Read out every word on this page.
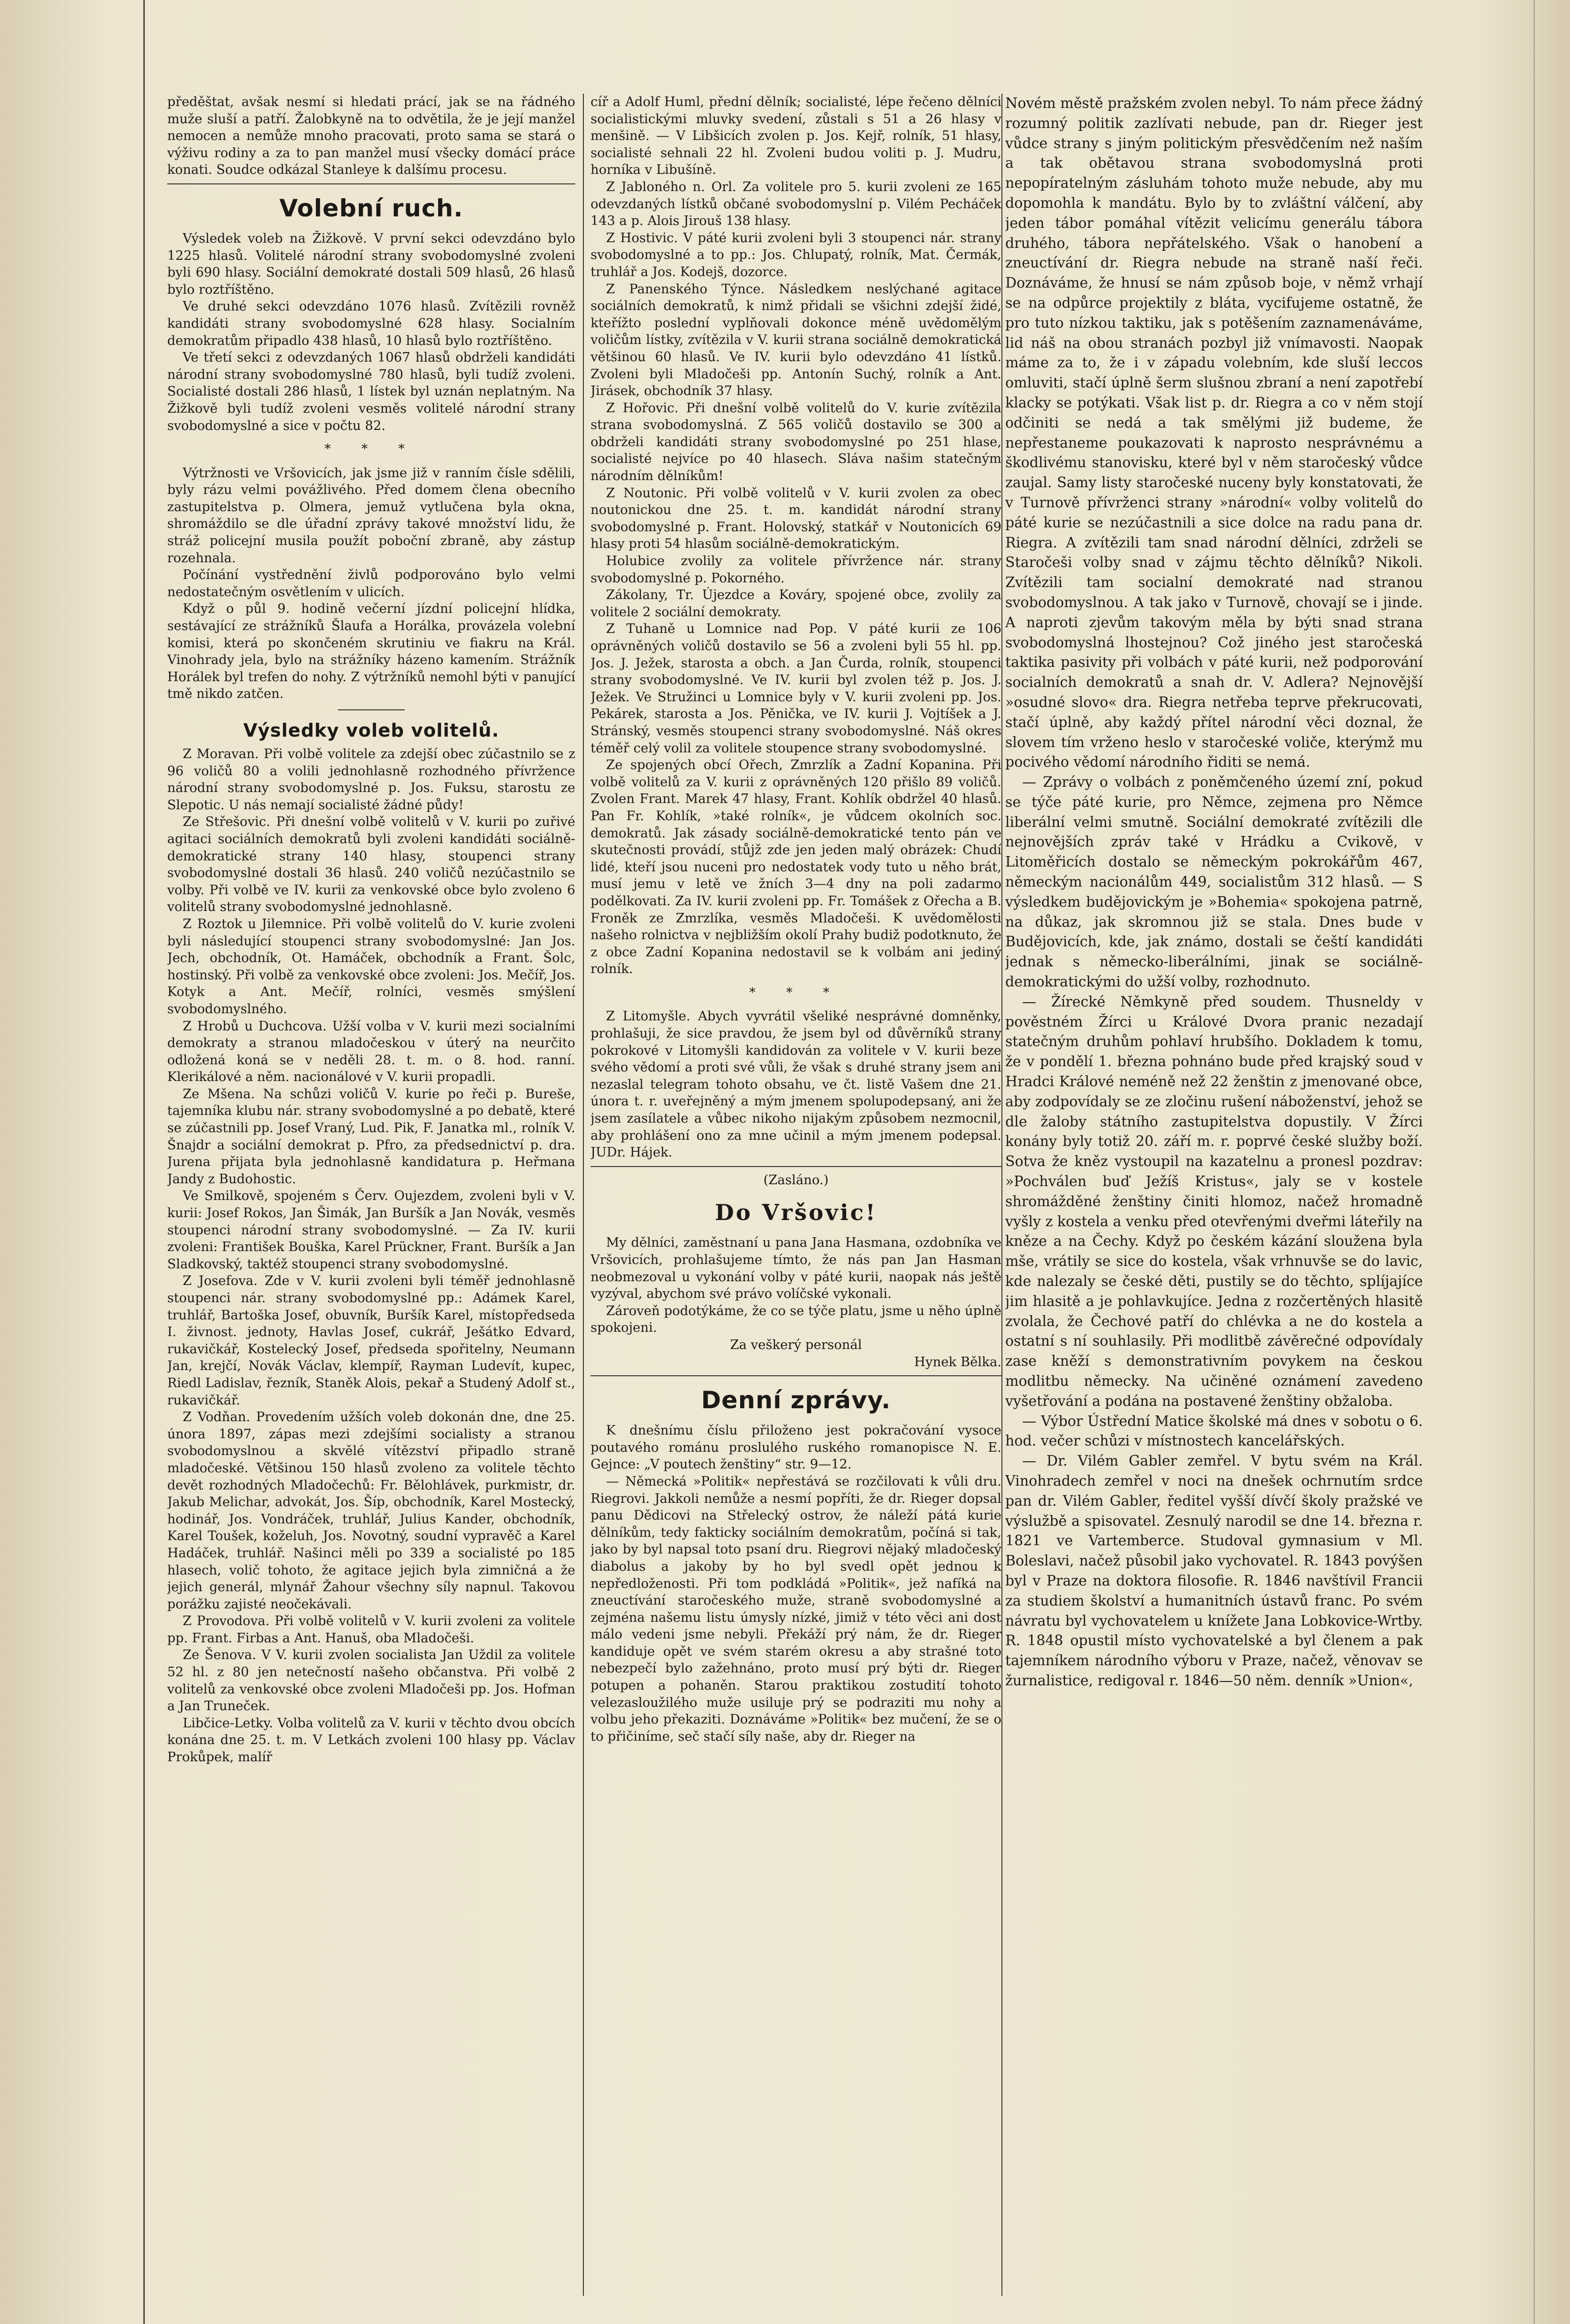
předěštat, avšak nesmí si hledati prácí, jak se na řádného muže sluší a patří. Žalobkyně na to odvětila, že je její manžel nemocen a nemůže mnoho pracovati, proto sama se stará o výživu rodiny a za to pan manžel musí všecky domácí práce konati. Soudce odkázal Stanleye k dalšímu procesu.

Volební ruch.

Výsledek voleb na Žižkově. V první sekci odevzdáno bylo 1225 hlasů. Volitelé národní strany svobodomyslné zvoleni byli 690 hlasy. Sociální demokraté dostali 509 hlasů, 26 hlasů bylo roztříštěno.

Ve druhé sekci odevzdáno 1076 hlasů. Zvítězili rovněž kandidáti strany svobodomyslné 628 hlasy. Socialním demokratům připadlo 438 hlasů, 10 hlasů bylo roztříštěno.

Ve třetí sekci z odevzdaných 1067 hlasů obdrželi kandidáti národní strany svobodomyslné 780 hlasů, byli tudíž zvoleni. Socialisté dostali 286 hlasů, 1 lístek byl uznán neplatným. Na Žižkově byli tudíž zvoleni vesměs volitelé národní strany svobodomyslné a sice v počtu 82.

* * *

Výtržnosti ve Vršovicích, jak jsme již v ranním čísle sdělili, byly rázu velmi povážlivého. Před domem člena obecního zastupitelstva p. Olmera, jemuž vytlučena byla okna, shromáždilo se dle úřadní zprávy takové množství lidu, že stráž policejní musila použít poboční zbraně, aby zástup rozehnala.

Počínání vystřednění živlů podporováno bylo velmi nedostatečným osvětlením v ulicích.

Když o půl 9. hodině večerní jízdní policejní hlídka, sestávající ze strážníků Šlaufa a Horálka, provázela volební komisi, která po skončeném skrutiniu ve fiakru na Král. Vinohrady jela, bylo na strážníky házeno kamením. Strážník Horálek byl trefen do nohy. Z výtržníků nemohl býti v panující tmě nikdo zatčen.

Výsledky voleb volitelů.

Z Moravan. Při volbě volitele za zdejší obec zúčastnilo se z 96 voličů 80 a volili jednohlasně rozhodného přívržence národní strany svobodomyslné p. Jos. Fuksu, starostu ze Slepotic. U nás nemají socialisté žádné půdy!

Ze Střešovic. Při dnešní volbě volitelů v V. kurii po zuřivé agitaci sociálních demokratů byli zvoleni kandidáti sociálně-demokratické strany 140 hlasy, stoupenci strany svobodomyslné dostali 36 hlasů. 240 voličů nezúčastnilo se volby. Při volbě ve IV. kurii za venkovské obce bylo zvoleno 6 volitelů strany svobodomyslné jednohlasně.

Z Roztok u Jilemnice. Při volbě volitelů do V. kurie zvoleni byli následující stoupenci strany svobodomyslné: Jan Jos. Jech, obchodník, Ot. Hamáček, obchodník a Frant. Šolc, hostinský. Při volbě za venkovské obce zvoleni: Jos. Mečíř, Jos. Kotyk a Ant. Mečíř, rolníci, vesměs smýšlení svobodomyslného.

Z Hrobů u Duchcova. Užší volba v V. kurii mezi socialními demokraty a stranou mladočeskou v úterý na neurčito odložená koná se v neděli 28. t. m. o 8. hod. ranní. Klerikálové a něm. nacionálové v V. kurii propadli.

Ze Mšena. Na schůzi voličů V. kurie po řeči p. Bureše, tajemníka klubu nár. strany svobodomyslné a po debatě, které se zúčastnili pp. Josef Vraný, Lud. Pik, F. Janatka ml., rolník V. Šnajdr a sociální demokrat p. Pfro, za předsednictví p. dra. Jurena přijata byla jednohlasně kandidatura p. Heřmana Jandy z Budohostic.

Ve Smilkově, spojeném s Červ. Oujezdem, zvoleni byli v V. kurii: Josef Rokos, Jan Šimák, Jan Buršík a Jan Novák, vesměs stoupenci národní strany svobodomyslné. — Za IV. kurii zvoleni: František Bouška, Karel Prückner, Frant. Buršík a Jan Sladkovský, taktéž stoupenci strany svobodomyslné.

Z Josefova. Zde v V. kurii zvoleni byli téměř jednohlasně stoupenci nár. strany svobodomyslné pp.: Adámek Karel, truhlář, Bartoška Josef, obuvník, Buršík Karel, místopředseda I. živnost. jednoty, Havlas Josef, cukrář, Ješátko Edvard, rukavičkář, Kostelecký Josef, předseda spořitelny, Neumann Jan, krejčí, Novák Václav, klempíř, Rayman Ludevít, kupec, Riedl Ladislav, řezník, Staněk Alois, pekař a Studený Adolf st., rukavičkář.

Z Vodňan. Provedením užších voleb dokonán dne, dne 25. února 1897, zápas mezi zdejšími socialisty a stranou svobodomyslnou a skvělé vítězství připadlo straně mladočeské. Většinou 150 hlasů zvoleno za volitele těchto devět rozhodných Mladočechů: Fr. Bělohlávek, purkmistr, dr. Jakub Melichar, advokát, Jos. Šíp, obchodník, Karel Mostecký, hodinář, Jos. Vondráček, truhlář, Julius Kander, obchodník, Karel Toušek, koželuh, Jos. Novotný, soudní vypravěč a Karel Hadáček, truhlář. Našinci měli po 339 a socialisté po 185 hlasech, volič tohoto, že agitace jejich byla zimničná a že jejich generál, mlynář Žahour všechny síly napnul. Takovou porážku zajisté neočekávali.

Z Provodova. Při volbě volitelů v V. kurii zvoleni za volitele pp. Frant. Firbas a Ant. Hanuš, oba Mladočeši.

Ze Šenova. V V. kurii zvolen socialista Jan Uždil za volitele 52 hl. z 80 jen netečností našeho občanstva. Při volbě 2 volitelů za venkovské obce zvoleni Mladočeši pp. Jos. Hofman a Jan Truneček.

Libčice-Letky. Volba volitelů za V. kurii v těchto dvou obcích konána dne 25. t. m. V Letkách zvoleni 100 hlasy pp. Václav Prokůpek, malíř

cíř a Adolf Huml, přední dělník; socialisté, lépe řečeno dělníci socialistickými mluvky svedení, zůstali s 51 a 26 hlasy v menšině. — V Libšicích zvolen p. Jos. Kejř, rolník, 51 hlasy, socialisté sehnali 22 hl. Zvoleni budou voliti p. J. Mudru, horníka v Libušíně.

Z Jabloného n. Orl. Za volitele pro 5. kurii zvoleni ze 165 odevzdaných lístků občané svobodomyslní p. Vilém Pecháček 143 a p. Alois Jirouš 138 hlasy.

Z Hostivic. V páté kurii zvoleni byli 3 stoupenci nár. strany svobodomyslné a to pp.: Jos. Chlupatý, rolník, Mat. Čermák, truhlář a Jos. Kodejš, dozorce.

Z Panenského Týnce. Následkem neslýchané agitace sociálních demokratů, k nimž přidali se všichni zdejší židé, kteřížto poslední vyplňovali dokonce méně uvědomělým voličům lístky, zvítězila v V. kurii strana sociálně demokratická většinou 60 hlasů. Ve IV. kurii bylo odevzdáno 41 lístků. Zvoleni byli Mladočeši pp. Antonín Suchý, rolník a Ant. Jirásek, obchodník 37 hlasy.

Z Hořovic. Při dnešní volbě volitelů do V. kurie zvítězila strana svobodomyslná. Z 565 voličů dostavilo se 300 a obdrželi kandidáti strany svobodomyslné po 251 hlase, socialisté nejvíce po 40 hlasech. Sláva našim statečným národním dělníkům!

Z Noutonic. Při volbě volitelů v V. kurii zvolen za obec noutonickou dne 25. t. m. kandidát národní strany svobodomyslné p. Frant. Holovský, statkář v Noutonicích 69 hlasy proti 54 hlasům sociálně-demokratickým.

Holubice zvolily za volitele přívržence nár. strany svobodomyslné p. Pokorného.

Zákolany, Tr. Újezdce a Kováry, spojené obce, zvolily za volitele 2 sociální demokraty.

Z Tuhaně u Lomnice nad Pop. V páté kurii ze 106 oprávněných voličů dostavilo se 56 a zvoleni byli 55 hl. pp. Jos. J. Ježek, starosta a obch. a Jan Čurda, rolník, stoupenci strany svobodomyslné. Ve IV. kurii byl zvolen též p. Jos. J. Ježek. Ve Stružinci u Lomnice byly v V. kurii zvoleni pp. Jos. Pekárek, starosta a Jos. Pěnička, ve IV. kurii J. Vojtíšek a J. Stránský, vesměs stoupenci strany svobodomyslné. Náš okres téměř celý volil za volitele stoupence strany svobodomyslné.

Ze spojených obcí Ořech, Zmrzlík a Zadní Kopanina. Při volbě volitelů za V. kurii z oprávněných 120 přišlo 89 voličů. Zvolen Frant. Marek 47 hlasy, Frant. Kohlík obdržel 40 hlasů. Pan Fr. Kohlík, »také rolník«, je vůdcem okolních soc. demokratů. Jak zásady sociálně-demokratické tento pán ve skutečnosti provádí, stůjž zde jen jeden malý obrázek: Chudí lidé, kteří jsou nuceni pro nedostatek vody tuto u něho brát, musí jemu v letě ve žních 3—4 dny na poli zadarmo podělkovati. Za IV. kurii zvoleni pp. Fr. Tomášek z Ořecha a B. Froněk ze Zmrzlíka, vesměs Mladočeši. K uvědomělosti našeho rolnictva v nejbližším okolí Prahy budiž podotknuto, že z obce Zadní Kopanina nedostavil se k volbám ani jediný rolník.

* * *

Z Litomyšle. Abych vyvrátil všeliké nesprávné domněnky, prohlašuji, že sice pravdou, že jsem byl od důvěrníků strany pokrokové v Litomyšli kandidován za volitele v V. kurii beze svého vědomí a proti své vůli, že však s druhé strany jsem ani nezaslal telegram tohoto obsahu, ve čt. listě Vašem dne 21. února t. r. uveřejněný a mým jmenem spolupodepsaný, ani že jsem zasílatele a vůbec nikoho nijakým způsobem nezmocnil, aby prohlášení ono za mne učinil a mým jmenem podepsal. JUDr. Hájek.

(Zasláno.)

Do Vršovic!

My dělníci, zaměstnaní u pana Jana Hasmana, ozdobníka ve Vršovicích, prohlašujeme tímto, že nás pan Jan Hasman neobmezoval u vykonání volby v páté kurii, naopak nás ještě vyzýval, abychom své právo volíčské vykonali.

Zároveň podotýkáme, že co se týče platu, jsme u něho úplně spokojeni.

Za veškerý personál

Hynek Bělka.

Denní zprávy.

K dnešnímu číslu přiloženo jest pokračování vysoce poutavého románu proslulého ruského romanopisce N. E. Gejnce: „V poutech ženštiny“ str. 9—12.

— Německá »Politik« nepřestává se rozčilovati k vůli dru. Riegrovi. Jakkoli nemůže a nesmí popříti, že dr. Rieger dopsal panu Dědicovi na Střelecký ostrov, že náleží pátá kurie dělníkům, tedy fakticky sociálním demokratům, počíná si tak, jako by byl napsal toto psaní dru. Riegrovi nějaký mladočeský diabolus a jakoby by ho byl svedl opět jednou k nepředloženosti. Při tom podkládá »Politik«, jež nafíká na zneuctívání staročeského muže, straně svobodomyslné a zejména našemu listu úmysly nízké, jimiž v této věci ani dost málo vedeni jsme nebyli. Překáží prý nám, že dr. Rieger kandiduje opět ve svém starém okresu a aby strašné toto nebezpečí bylo zažehnáno, proto musí prý býti dr. Rieger potupen a pohaněn. Starou praktikou zostudití tohoto velezasloužilého muže usiluje prý se podraziti mu nohy a volbu jeho překaziti. Doznáváme »Politik« bez mučení, že se o to přičiníme, seč stačí síly naše, aby dr. Rieger na

Novém městě pražském zvolen nebyl. To nám přece žádný rozumný politik zazlívati nebude, pan dr. Rieger jest vůdce strany s jiným politickým přesvědčením než naším a tak obětavou strana svobodomyslná proti nepopíratelným zásluhám tohoto muže nebude, aby mu dopomohla k mandátu. Bylo by to zvláštní válčení, aby jeden tábor pomáhal vítězit velicímu generálu tábora druhého, tábora nepřátelského. Však o hanobení a zneuctívání dr. Riegra nebude na straně naší řeči. Doznáváme, že hnusí se nám způsob boje, v němž vrhají se na odpůrce projektily z bláta, vycifujeme ostatně, že pro tuto nízkou taktiku, jak s potěšením zaznamenáváme, lid náš na obou stranách pozbyl již vnímavosti. Naopak máme za to, že i v západu volebním, kde sluší leccos omluviti, stačí úplně šerm slušnou zbraní a není zapotřebí klacky se potýkati. Však list p. dr. Riegra a co v něm stojí odčiniti se nedá a tak smělými již budeme, že nepřestaneme poukazovati k naprosto nesprávnému a škodlivému stanovisku, které byl v něm staročeský vůdce zaujal. Samy listy staročeské nuceny byly konstatovati, že v Turnově přívrženci strany »národní« volby volitelů do páté kurie se nezúčastnili a sice dolce na radu pana dr. Riegra. A zvítězili tam snad národní dělníci, zdrželi se Staročeši volby snad v zájmu těchto dělníků? Nikoli. Zvítězili tam socialní demokraté nad stranou svobodomyslnou. A tak jako v Turnově, chovají se i jinde. A naproti zjevům takovým měla by býti snad strana svobodomyslná lhostejnou? Což jiného jest staročeská taktika pasivity při volbách v páté kurii, než podporování socialních demokratů a snah dr. V. Adlera? Nejnovější »osudné slovo« dra. Riegra netřeba teprve překrucovati, stačí úplně, aby každý přítel národní věci doznal, že slovem tím vrženo heslo v staročeské voliče, kterýmž mu pocivého vědomí národního řiditi se nemá.

— Zprávy o volbách z poněmčeného území zní, pokud se týče páté kurie, pro Němce, zejmena pro Němce liberální velmi smutně. Sociální demokraté zvítězili dle nejnovějších zpráv také v Hrádku a Cvikově, v Litoměřicích dostalo se německým pokrokářům 467, německým nacionálům 449, socialistům 312 hlasů. — S výsledkem budějovickým je »Bohemia« spokojena patrně, na důkaz, jak skromnou již se stala. Dnes bude v Budějovicích, kde, jak známo, dostali se čeští kandidáti jednak s německo-liberálními, jinak se sociálně-demokratickými do užší volby, rozhodnuto.

— Žírecké Němkyně před soudem. Thusneldy v pověstném Žírci u Králové Dvora pranic nezadají statečným druhům pohlaví hrubšího. Dokladem k tomu, že v pondělí 1. března pohnáno bude před krajský soud v Hradci Králové neméně než 22 ženštin z jmenované obce, aby zodpovídaly se ze zločinu rušení náboženství, jehož se dle žaloby státního zastupitelstva dopustily. V Žírci konány byly totiž 20. září m. r. poprvé české služby boží. Sotva že kněz vystoupil na kazatelnu a pronesl pozdrav: »Pochválen buď Ježíš Kristus«, jaly se v kostele shromážděné ženštiny činiti hlomoz, načež hromadně vyšly z kostela a venku před otevřenými dveřmi láteřily na kněze a na Čechy. Když po českém kázání sloužena byla mše, vrátily se sice do kostela, však vrhnuvše se do lavic, kde nalezaly se české děti, pustily se do těchto, splíjajíce jim hlasitě a je pohlavkujíce. Jedna z rozčertěných hlasitě zvolala, že Čechové patří do chlévka a ne do kostela a ostatní s ní souhlasily. Při modlitbě závěrečné odpovídaly zase kněží s demonstrativním povykem na českou modlitbu německy. Na učiněné oznámení zavedeno vyšetřování a podána na postavené ženštiny obžaloba.

— Výbor Ústřední Matice školské má dnes v sobotu o 6. hod. večer schůzi v místnostech kancelářských.

— Dr. Vilém Gabler zemřel. V bytu svém na Král. Vinohradech zemřel v noci na dnešek ochrnutím srdce pan dr. Vilém Gabler, ředitel vyšší dívčí školy pražské ve výslužbě a spisovatel. Zesnulý narodil se dne 14. března r. 1821 ve Vartemberce. Studoval gymnasium v Ml. Boleslavi, načež působil jako vychovatel. R. 1843 povýšen byl v Praze na doktora filosofie. R. 1846 navštívil Francii za studiem školství a humanitních ústavů franc. Po svém návratu byl vychovatelem u knížete Jana Lobkovice-Wrtby. R. 1848 opustil místo vychovatelské a byl členem a pak tajemníkem národního výboru v Praze, načež, věnovav se žurnalistice, redigoval r. 1846—50 něm. denník »Union«,
